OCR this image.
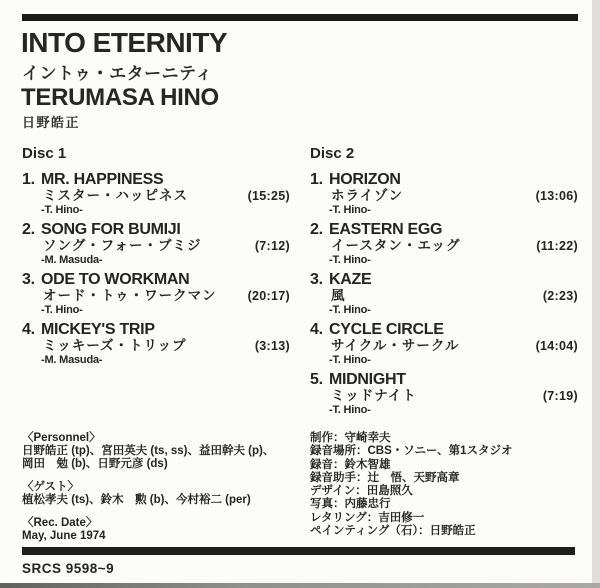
INTO ETERNITY
イントゥ・エターニティ
TERUMASA HINO
日野皓正
Disc 1
1. MR. HAPPINESS
ミスター・ハッピネス	(15:25)
-T. Hino-
2. SONG FOR BUMIJI
ソング・フォー・ブミジ	(7:12)
-M. Masuda-
3. ODE TO WORKMAN
オード・トゥ・ワークマン (20:17)
-T. Hino-
4. MICKEY'S TRIP
ミッキーズ・トリップ	(3:13)
-M. Masuda-
Disc 2
1. HORIZON
ホライゾン	(13:06)
-T. Hino-
2. EASTERN EGG
イースタン・エッグ	(11:22)
-T. Hino-
3. KAZE
風	(2:23)
-T. Hino-
4. CYCLE CIRCLE
サイクル・サークル	(14:04)
-T. Hino-
5. MIDNIGHT
ミッドナイト	(7:19)
-T. Hino-
〈Personnel〉
日野皓正 (tp)、宮田英夫 (ts, ss)、益田幹夫 (p)、
岡田　勉 (b)、日野元彦 (ds)
〈ゲスト〉
植松孝夫 (ts)、鈴木　勲 (b)、今村裕二 (per)
〈Rec. Date〉
May, June 1974
制作：守崎幸夫
録音場所：CBS・ソニー、第1スタジオ
録音：鈴木智雄
録音助手：辻　悟、天野高章
デザイン：田島照久
写真：内藤忠行
レタリング：吉田修一
ペインティング（石）：日野皓正
SRCS 9598~9
